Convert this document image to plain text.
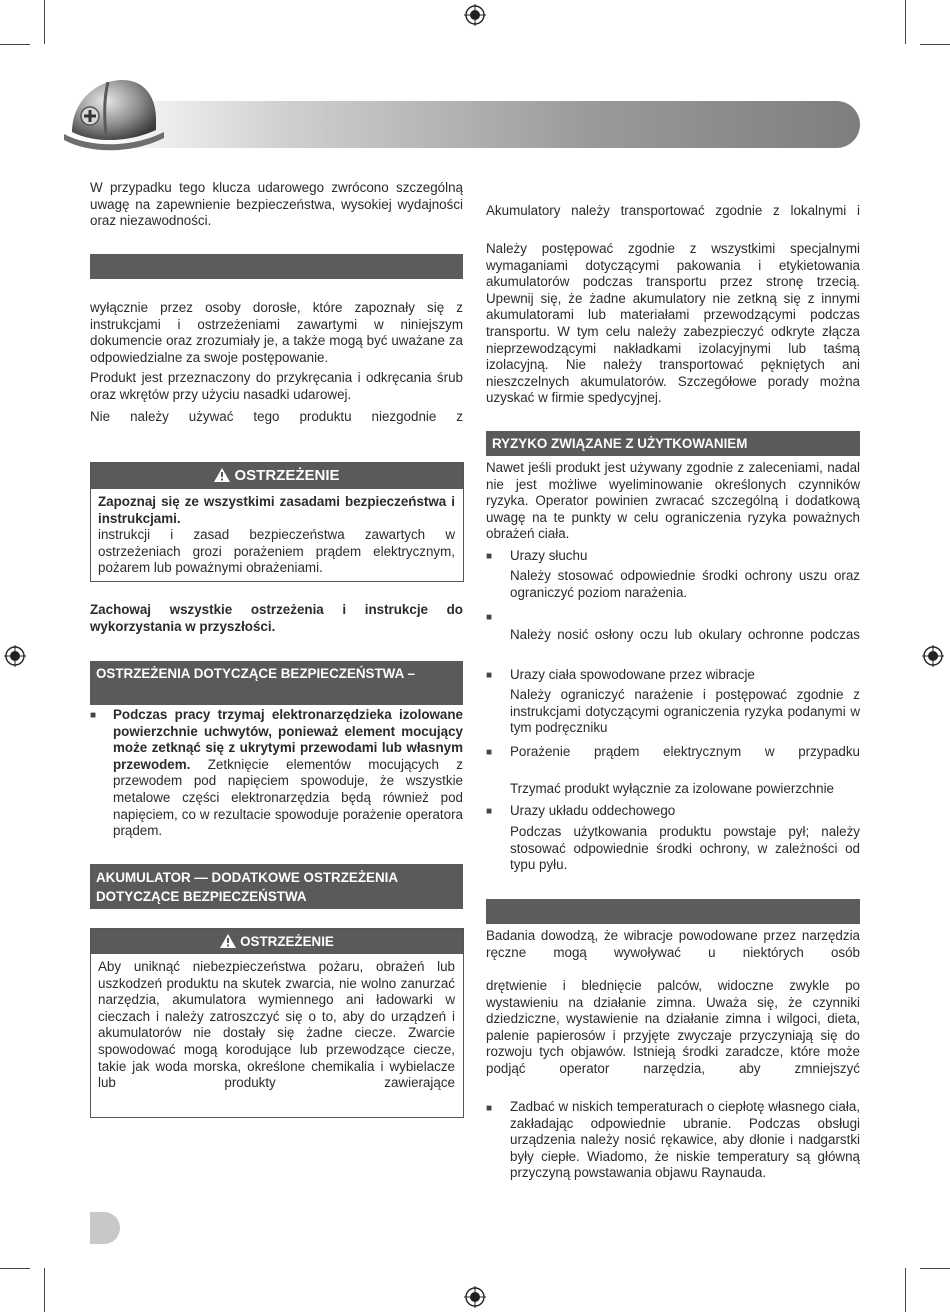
W przypadku tego klucza udarowego zwrócono szczególną uwagę na zapewnienie bezpieczeństwa, wysokiej wydajności oraz niezawodności.
wyłącznie przez osoby dorosłe, które zapoznały się z instrukcjami i ostrzeżeniami zawartymi w niniejszym dokumencie oraz zrozumiały je, a także mogą być uważane za odpowiedzialne za swoje postępowanie.
Produkt jest przeznaczony do przykręcania i odkręcania śrub oraz wkrętów przy użyciu nasadki udarowej.
Nie należy używać tego produktu niezgodnie z
OSTRZEŻENIE
Zapoznaj się ze wszystkimi zasadami bezpieczeństwa i instrukcjami.
instrukcji i zasad bezpieczeństwa zawartych w ostrzeżeniach grozi porażeniem prądem elektrycznym, pożarem lub poważnymi obrażeniami.
Zachowaj wszystkie ostrzeżenia i instrukcje do wykorzystania w przyszłości.
OSTRZEŻENIA DOTYCZĄCE BEZPIECZEŃSTWA –
■ Podczas pracy trzymaj elektronarzędzieka izolowane powierzchnie uchwytów, ponieważ element mocujący może zetknąć się z ukrytymi przewodami lub własnym przewodem. Zetknięcie elementów mocujących z przewodem pod napięciem spowoduje, że wszystkie metalowe części elektronarzędzia będą również pod napięciem, co w rezultacie spowoduje porażenie operatora prądem.
AKUMULATOR — DODATKOWE OSTRZEŻENIA DOTYCZĄCE BEZPIECZEŃSTWA
OSTRZEŻENIE
Aby uniknąć niebezpieczeństwa pożaru, obrażeń lub uszkodzeń produktu na skutek zwarcia, nie wolno zanurzać narzędzia, akumulatora wymiennego ani ładowarki w cieczach i należy zatroszczyć się o to, aby do urządzeń i akumulatorów nie dostały się żadne ciecze. Zwarcie spowodować mogą korodujące lub przewodzące ciecze, takie jak woda morska, określone chemikalia i wybielacze lub produkty zawierające
Akumulatory należy transportować zgodnie z lokalnymi i
Należy postępować zgodnie z wszystkimi specjalnymi wymaganiami dotyczącymi pakowania i etykietowania akumulatorów podczas transportu przez stronę trzecią. Upewnij się, że żadne akumulatory nie zetkną się z innymi akumulatorami lub materiałami przewodzącymi podczas transportu. W tym celu należy zabezpieczyć odkryte złącza nieprzewodzącymi nakładkami izolacyjnymi lub taśmą izolacyjną. Nie należy transportować pękniętych ani nieszczelnych akumulatorów. Szczegółowe porady można uzyskać w firmie spedycyjnej.
RYZYKO ZWIĄZANE Z UŻYTKOWANIEM
Nawet jeśli produkt jest używany zgodnie z zaleceniami, nadal nie jest możliwe wyeliminowanie określonych czynników ryzyka. Operator powinien zwracać szczególną i dodatkową uwagę na te punkty w celu ograniczenia ryzyka poważnych obrażeń ciała.
■ Urazy słuchu
Należy stosować odpowiednie środki ochrony uszu oraz ograniczyć poziom narażenia.
■
Należy nosić osłony oczu lub okulary ochronne podczas
■ Urazy ciała spowodowane przez wibracje
Należy ograniczyć narażenie i postępować zgodnie z instrukcjami dotyczącymi ograniczenia ryzyka podanymi w tym podręczniku
■ Porażenie prądem elektrycznym w przypadku
Trzymać produkt wyłącznie za izolowane powierzchnie
■ Urazy układu oddechowego
Podczas użytkowania produktu powstaje pył; należy stosować odpowiednie środki ochrony, w zależności od typu pyłu.
Badania dowodzą, że wibracje powodowane przez narzędzia ręczne mogą wywoływać u niektórych osób
drętwienie i blednięcie palców, widoczne zwykle po wystawieniu na działanie zimna. Uważa się, że czynniki dziedziczne, wystawienie na działanie zimna i wilgoci, dieta, palenie papierosów i przyjęte zwyczaje przyczyniają się do rozwoju tych objawów. Istnieją środki zaradcze, które może podjąć operator narzędzia, aby zmniejszyć
■ Zadbać w niskich temperaturach o ciepłotę własnego ciała, zakładając odpowiednie ubranie. Podczas obsługi urządzenia należy nosić rękawice, aby dłonie i nadgarstki były ciepłe. Wiadomo, że niskie temperatury są główną przyczyną powstawania objawu Raynauda.
